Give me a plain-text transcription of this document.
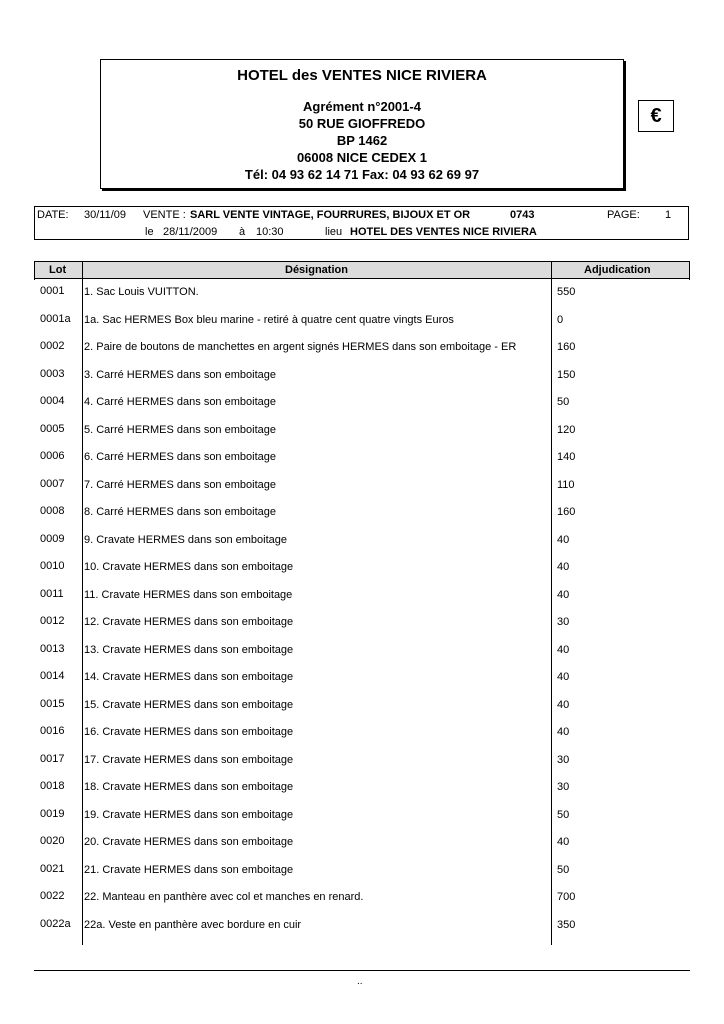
HOTEL des VENTES NICE RIVIERA
Agrément n°2001-4
50 RUE GIOFFREDO
BP 1462
06008 NICE CEDEX 1
Tél: 04 93 62 14 71 Fax: 04 93 62 69 97
€
DATE: 30/11/09 VENTE : SARL VENTE VINTAGE, FOURRURES, BIJOUX ET OR	0743	PAGE: 1
le 28/11/2009 à 10:30	lieu HOTEL DES VENTES NICE RIVIERA
Lot	Désignation	Adjudication
0001 1. Sac Louis VUITTON.	550
0001a 1a. Sac HERMES Box bleu marine - retiré à quatre cent quatre vingts Euros	0
0002 2. Paire de boutons de manchettes en argent signés HERMES dans son emboitage - ER	160
0003 3. Carré HERMES dans son emboitage	150
0004 4. Carré HERMES dans son emboitage	50
0005 5. Carré HERMES dans son emboitage	120
0006 6. Carré HERMES dans son emboitage	140
0007 7. Carré HERMES dans son emboitage	110
0008 8. Carré HERMES dans son emboitage	160
0009 9. Cravate HERMES dans son emboitage	40
0010 10. Cravate HERMES dans son emboitage	40
0011 11. Cravate HERMES dans son emboitage	40
0012 12. Cravate HERMES dans son emboitage	30
0013 13. Cravate HERMES dans son emboitage	40
0014 14. Cravate HERMES dans son emboitage	40
0015 15. Cravate HERMES dans son emboitage	40
0016 16. Cravate HERMES dans son emboitage	40
0017 17. Cravate HERMES dans son emboitage	30
0018 18. Cravate HERMES dans son emboitage	30
0019 19. Cravate HERMES dans son emboitage	50
0020 20. Cravate HERMES dans son emboitage	40
0021 21. Cravate HERMES dans son emboitage	50
0022 22. Manteau en panthère avec col et manches en renard.	700
0022a 22a. Veste en panthère avec bordure en cuir	350
..
